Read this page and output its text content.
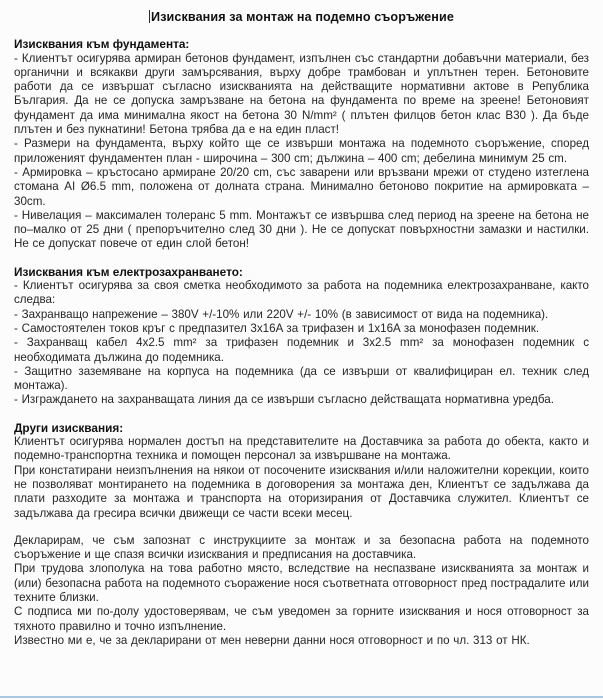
Изисквания за монтаж на подемно съоръжение
Изисквания към фундамента:

- Клиентът осигурява армиран бетонов фундамент, изпълнен със стандартни добавъчни материали, без органични и всякакви други замърсявания, върху добре трамбован и уплътнен терен. Бетоновите работи да се извършат съгласно изискванията на действащите нормативни актове в Република България. Да не се допуска замръзване на бетона на фундамента по време на зреене! Бетоновият фундамент да има минимална якост на бетона 30 N/mm² ( плътен филцов бетон клас B30 ). Да бъде плътен и без пукнатини! Бетона трябва да е на един пласт!

- Размери на фундамента, върху който ще се извърши монтажа на подемното съоръжение, според приложеният фундаментен план - широчина – 300 cm; дължина – 400 cm; дебелина минимум 25 cm.

- Армировка – кръстосано армиране 20/20 cm, със заварени или връзвани мрежи от студено изтеглена стомана AI Ø6.5 mm, положена от долната страна. Минимално бетоново покритие на армировката –30cm.

- Нивелация – максимален толеранс 5 mm. Монтажът се извършва след период на зреене на бетона не по–малко от 25 дни ( препоръчително след 30 дни ). Не се допускат повърхностни замазки и настилки. Не се допускат повече от един слой бетон!

Изисквания към електрозахранването:

- Клиентът осигурява за своя сметка необходимото за работа на подемника електрозахранване, както следва:

- Захранващо напрежение – 380V +/-10% или 220V +/- 10% (в зависимост от вида на подемника).

- Самостоятелен токов кръг с предпазител 3x16A за трифазен и 1x16A за монофазен подемник.

- Захранващ кабел 4x2.5 mm² за трифазен подемник и 3x2.5 mm² за монофазен подемник с необходимата дължина до подемника.

- Защитно заземяване на корпуса на подемника (да се извърши от квалифициран ел. техник след монтажа).

- Изграждането на захранващата линия да се извърши съгласно действащата нормативна уредба.

Други изисквания:

Клиентът осигурява нормален достъп на представителите на Доставчика за работа до обекта, както и подемно-транспортна техника и помощен персонал за извършване на монтажа.

При констатирани неизпълнения на някои от посочените изисквания и/или наложителни корекции, които не позволяват монтирането на подемника в договорения за монтажа ден, Клиентът се задължава да плати разходите за монтажа и транспорта на оторизирания от Доставчика служител. Клиентът се задължава да гресира всички движещи се части всеки месец.

Декларирам, че съм запознат с инструкциите за монтаж и за безопасна работа на подемното съоръжение и ще спазя всички изисквания и предписания на доставчика.

При трудова злополука на това работно място, вследствие на неспазване изискванията за монтаж и (или) безопасна работа на подемното съоражение нося съответната отговорност пред пострадалите или техните близки.

С подписа ми по-долу удостоверявам, че съм уведомен за горните изисквания и нося отговорност за тяхното правилно и точно изпълнение.

Известно ми е, че за декларирани от мен неверни данни нося отговорност и по чл. 313 от НК.
